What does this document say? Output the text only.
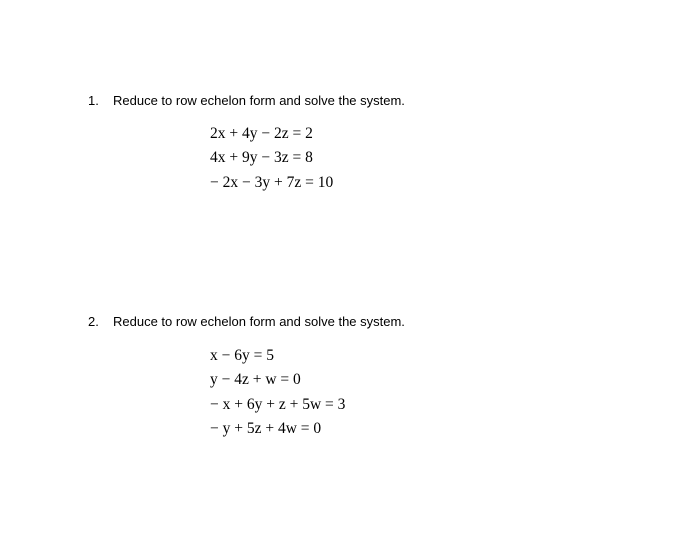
1. Reduce to row echelon form and solve the system.
2x + 4y − 2z = 2
4x + 9y − 3z = 8
− 2x − 3y + 7z = 10
2. Reduce to row echelon form and solve the system.
x − 6y = 5
y − 4z + w = 0
− x + 6y + z + 5w = 3
− y + 5z + 4w = 0
